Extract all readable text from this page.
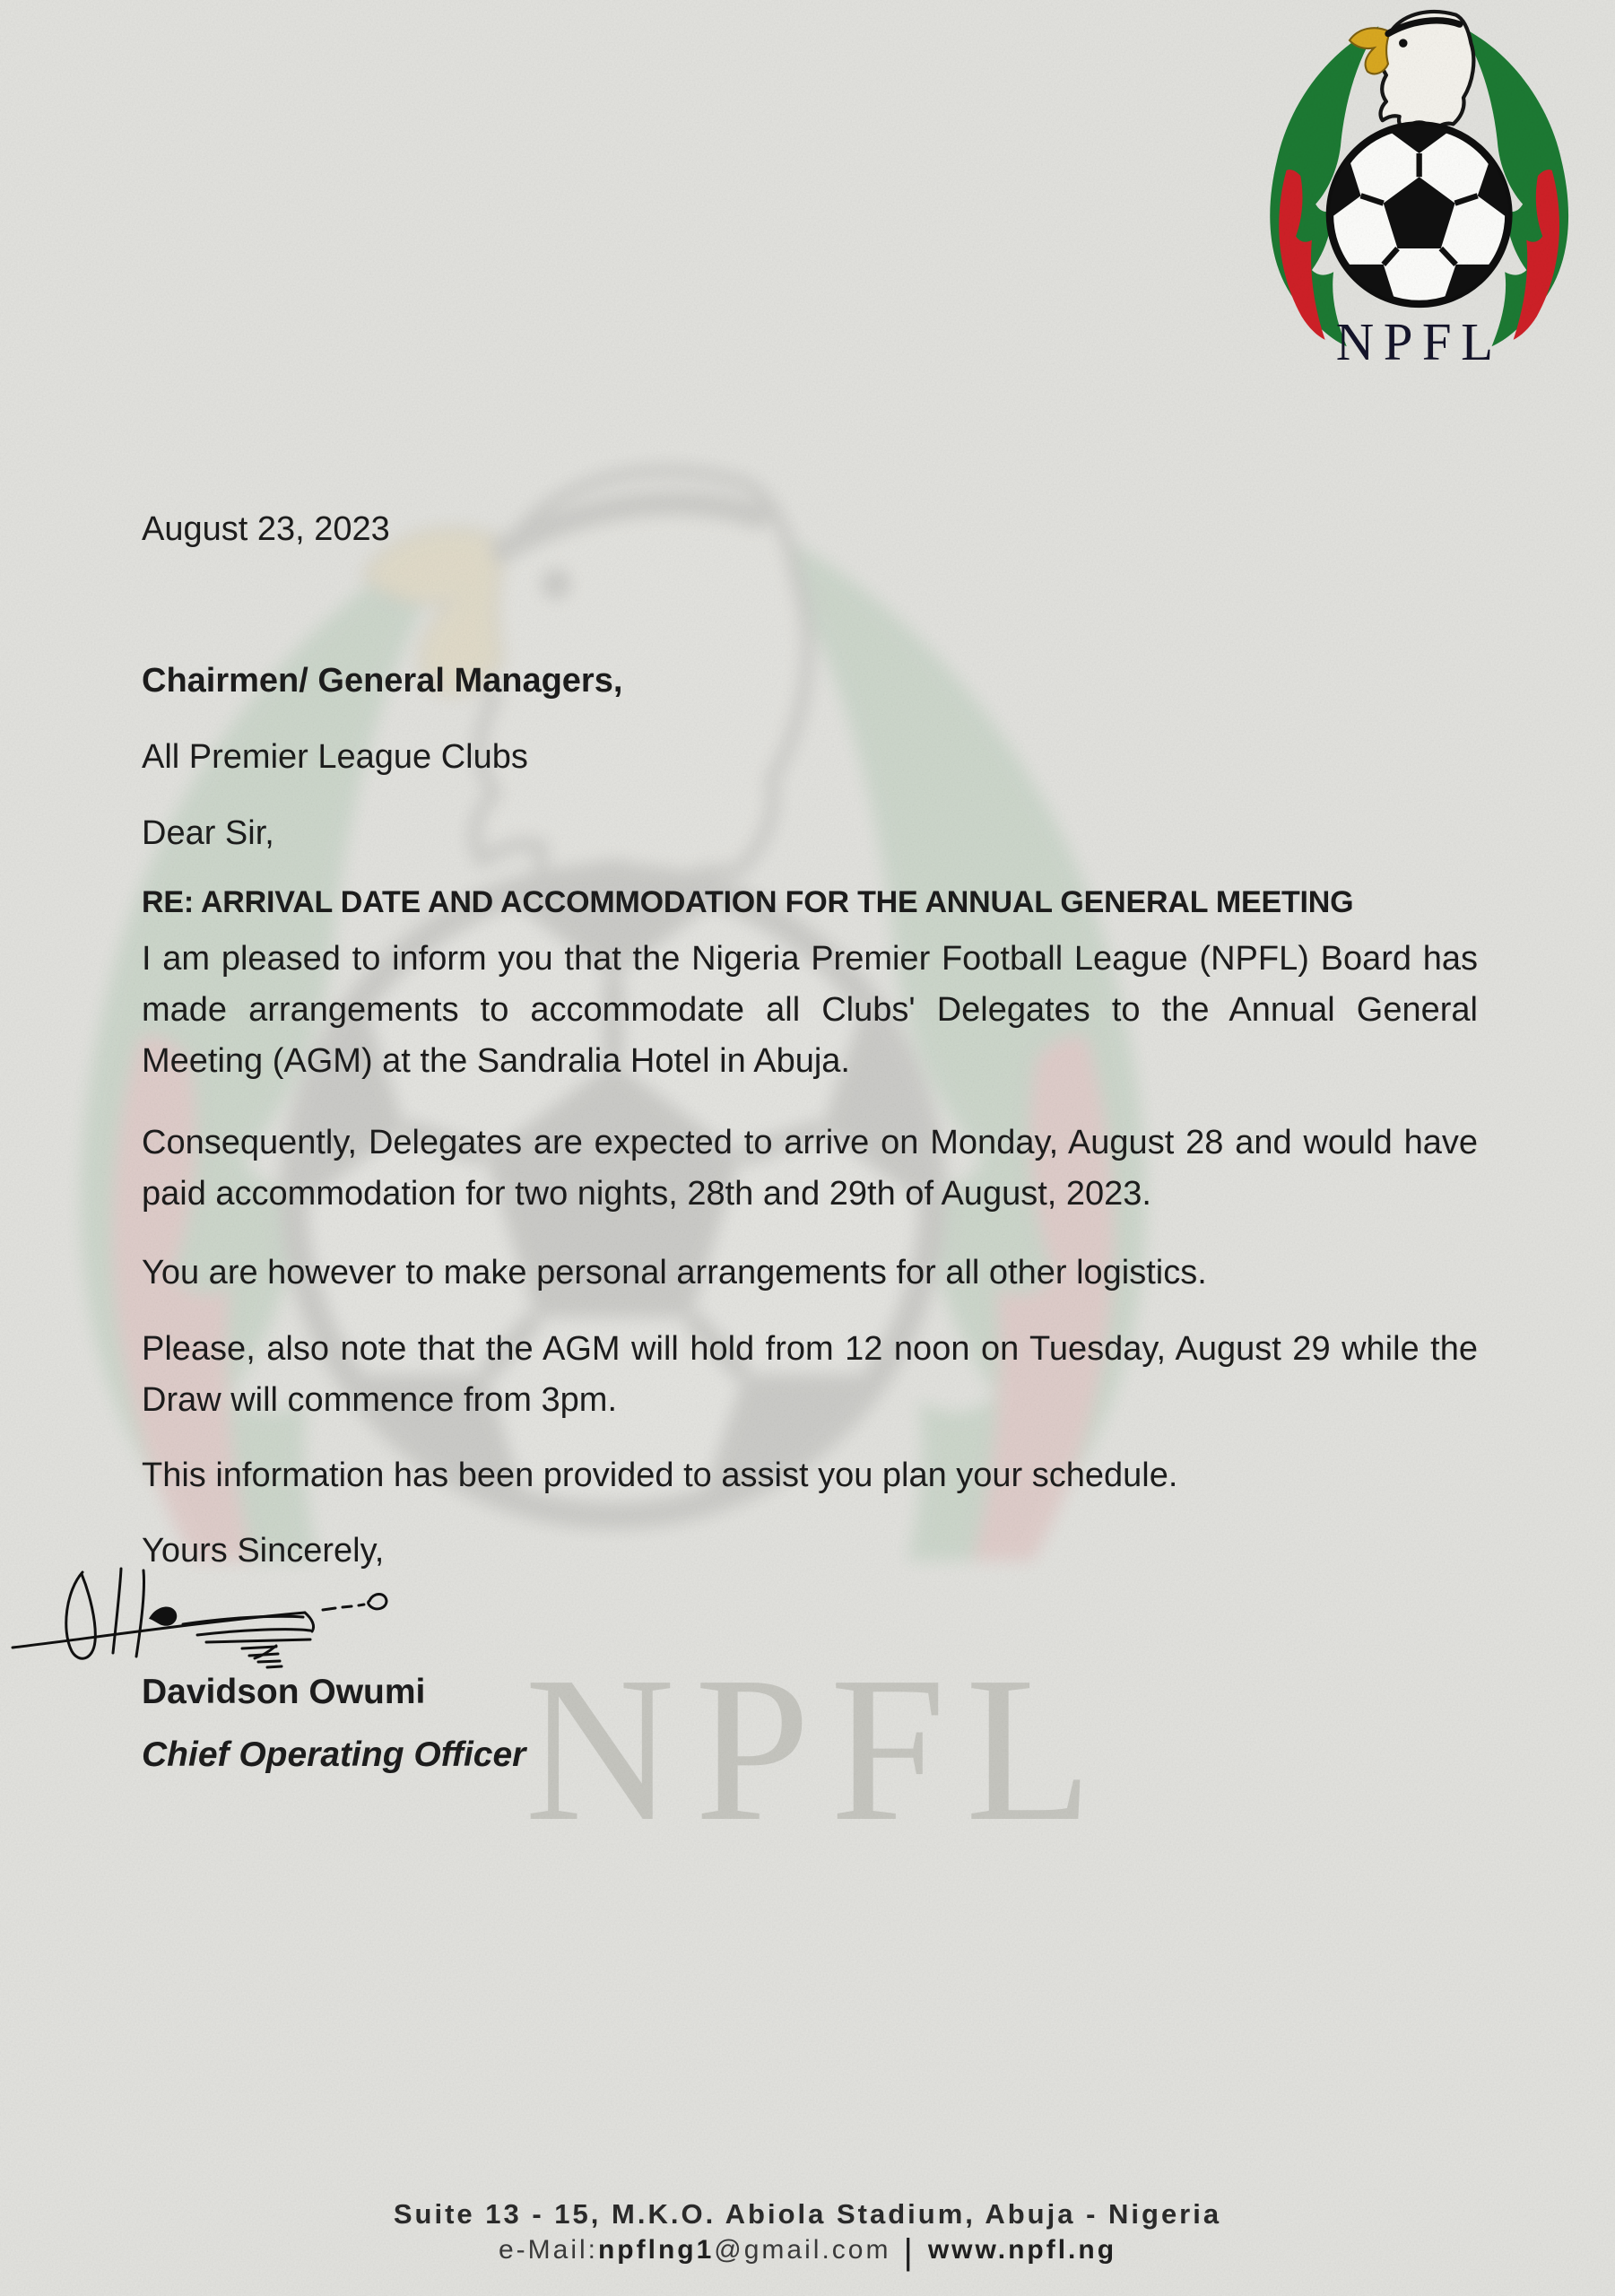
NPFL
NPFL
August 23, 2023
Chairmen/ General Managers,
All Premier League Clubs
Dear Sir,
RE: ARRIVAL DATE AND ACCOMMODATION FOR THE ANNUAL GENERAL MEETING
I am pleased to inform you that the Nigeria Premier Football League (NPFL) Board has made arrangements to accommodate all Clubs' Delegates to the Annual General Meeting (AGM) at the Sandralia Hotel in Abuja.
Consequently, Delegates are expected to arrive on Monday, August 28 and would have paid accommodation for two nights, 28th and 29th of August, 2023.
You are however to make personal arrangements for all other logistics.
Please, also note that the AGM will hold from 12 noon on Tuesday, August 29 while the Draw will commence from 3pm.
This information has been provided to assist you plan your schedule.
Yours Sincerely,
Davidson Owumi
Chief Operating Officer
Suite 13 - 15, M.K.O. Abiola Stadium, Abuja - Nigeria
e-Mail:npflng1@gmail.com | www.npfl.ng
